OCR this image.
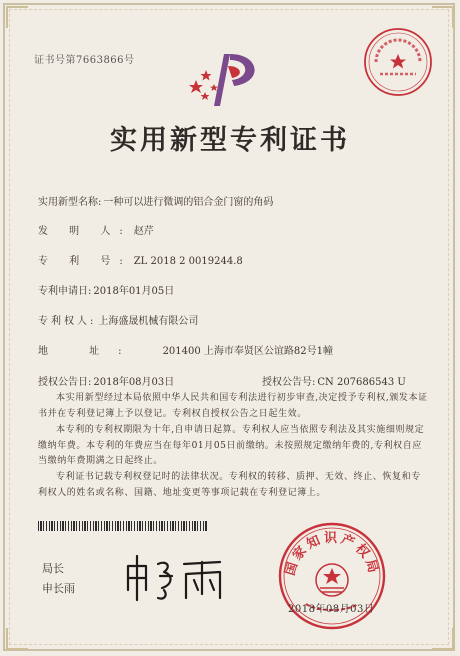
证书号第7663866号
实用新型专利证书
实用新型名称: 一种可以进行微调的铝合金门窗的角码
发 明 人: 赵芹
专 利 号: ZL 2018 2 0019244.8
专利申请日: 2018年01月05日
专利权人: 上海盛晟机械有限公司
地 址: 201400 上海市奉贤区公谊路82号1幢
授权公告日: 2018年08月03日	授权公告号: CN 207686543 U
本实用新型经过本局依照中华人民共和国专利法进行初步审查,决定授予专利权,颁发本证书并在专利登记簿上予以登记。专利权自授权公告之日起生效。
本专利的专利权期限为十年,自申请日起算。专利权人应当依照专利法及其实施细则规定缴纳年费。本专利的年费应当在每年01月05日前缴纳。未按照规定缴纳年费的,专利权自应当缴纳年费期满之日起终止。
专利证书记载专利权登记时的法律状况。专利权的转移、质押、无效、终止、恢复和专利权人的姓名或名称、国籍、地址变更等事项记载在专利登记簿上。
局长
申长雨
国家知识产权局
2018年08月03日
